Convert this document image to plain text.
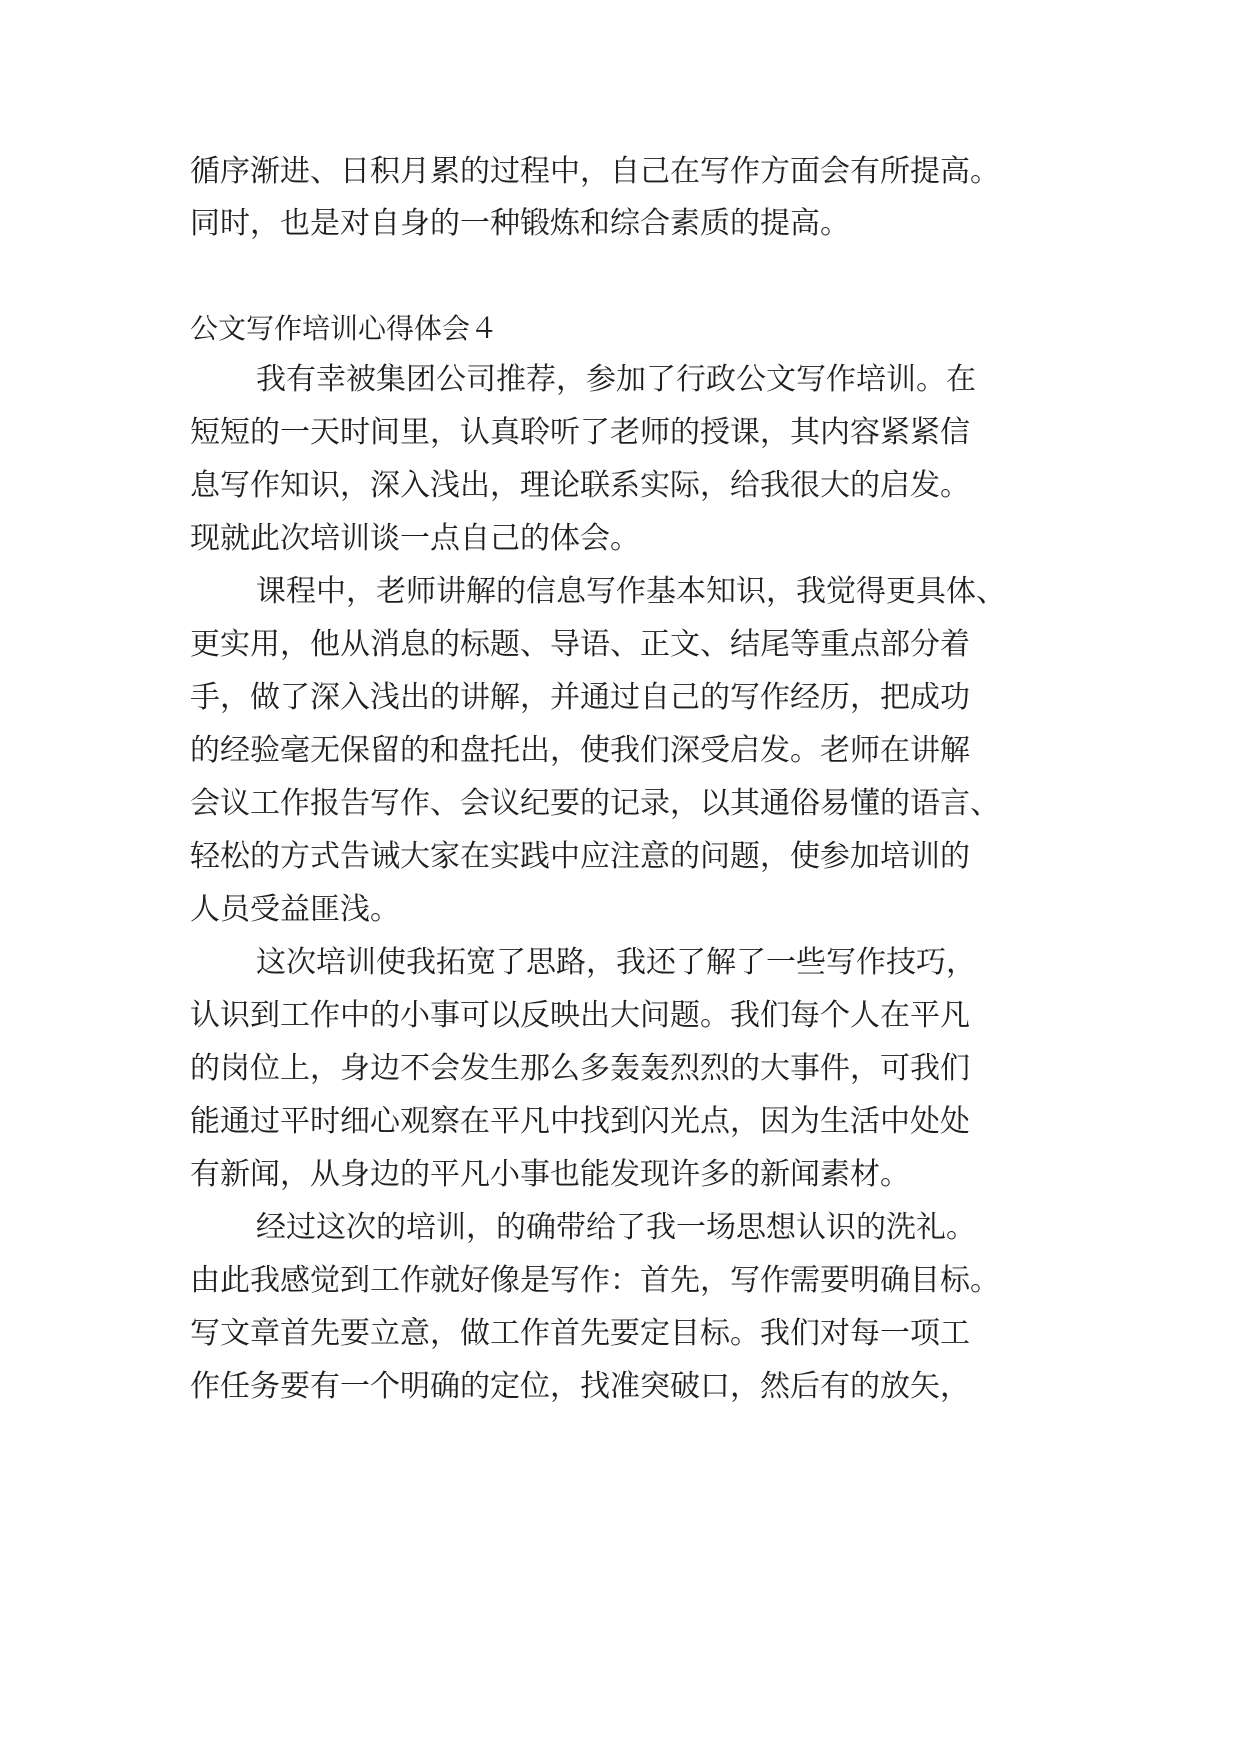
循序渐进、日积月累的过程中，自己在写作方面会有所提高。
同时，也是对自身的一种锻炼和综合素质的提高。
公文写作培训心得体会４
我有幸被集团公司推荐，参加了行政公文写作培训。在
短短的一天时间里，认真聆听了老师的授课，其内容紧紧信
息写作知识，深入浅出，理论联系实际，给我很大的启发。
现就此次培训谈一点自己的体会。
课程中，老师讲解的信息写作基本知识，我觉得更具体、
更实用，他从消息的标题、导语、正文、结尾等重点部分着
手，做了深入浅出的讲解，并通过自己的写作经历，把成功
的经验毫无保留的和盘托出，使我们深受启发。老师在讲解
会议工作报告写作、会议纪要的记录，以其通俗易懂的语言、
轻松的方式告诫大家在实践中应注意的问题，使参加培训的
人员受益匪浅。
这次培训使我拓宽了思路，我还了解了一些写作技巧，
认识到工作中的小事可以反映出大问题。我们每个人在平凡
的岗位上，身边不会发生那么多轰轰烈烈的大事件，可我们
能通过平时细心观察在平凡中找到闪光点，因为生活中处处
有新闻，从身边的平凡小事也能发现许多的新闻素材。
经过这次的培训，的确带给了我一场思想认识的洗礼。
由此我感觉到工作就好像是写作：首先，写作需要明确目标。
写文章首先要立意，做工作首先要定目标。我们对每一项工
作任务要有一个明确的定位，找准突破口，然后有的放矢，
